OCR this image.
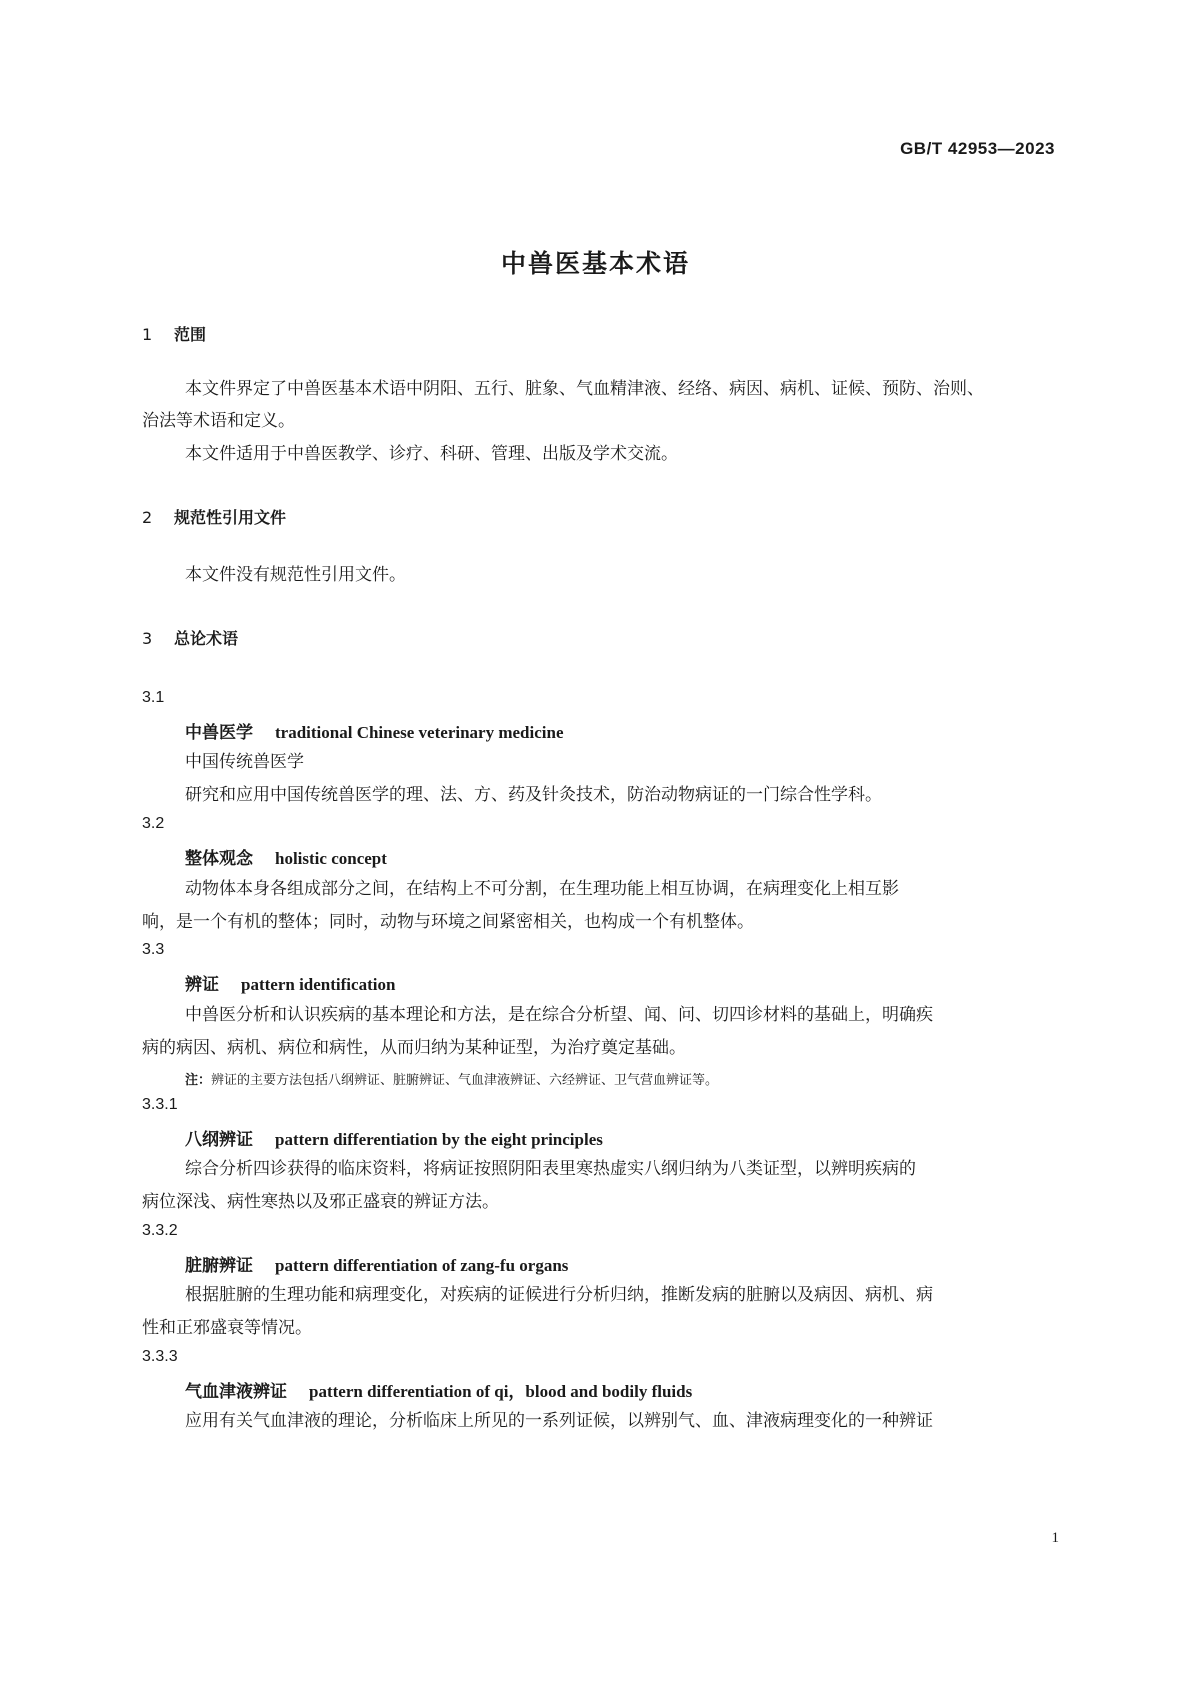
GB/T 42953—2023
中兽医基本术语
1 范围
本文件界定了中兽医基本术语中阴阳、五行、脏象、气血精津液、经络、病因、病机、证候、预防、治则、
治法等术语和定义。
本文件适用于中兽医教学、诊疗、科研、管理、出版及学术交流。
2 规范性引用文件
本文件没有规范性引用文件。
3 总论术语
3.1
中兽医学 traditional Chinese veterinary medicine
中国传统兽医学
研究和应用中国传统兽医学的理、法、方、药及针灸技术，防治动物病证的一门综合性学科。
3.2
整体观念 holistic concept
动物体本身各组成部分之间，在结构上不可分割，在生理功能上相互协调，在病理变化上相互影
响，是一个有机的整体；同时，动物与环境之间紧密相关，也构成一个有机整体。
3.3
辨证 pattern identification
中兽医分析和认识疾病的基本理论和方法，是在综合分析望、闻、问、切四诊材料的基础上，明确疾
病的病因、病机、病位和病性，从而归纳为某种证型，为治疗奠定基础。
注：辨证的主要方法包括八纲辨证、脏腑辨证、气血津液辨证、六经辨证、卫气营血辨证等。
3.3.1
八纲辨证 pattern differentiation by the eight principles
综合分析四诊获得的临床资料，将病证按照阴阳表里寒热虚实八纲归纳为八类证型，以辨明疾病的
病位深浅、病性寒热以及邪正盛衰的辨证方法。
3.3.2
脏腑辨证 pattern differentiation of zang-fu organs
根据脏腑的生理功能和病理变化，对疾病的证候进行分析归纳，推断发病的脏腑以及病因、病机、病
性和正邪盛衰等情况。
3.3.3
气血津液辨证 pattern differentiation of qi，blood and bodily fluids
应用有关气血津液的理论，分析临床上所见的一系列证候，以辨别气、血、津液病理变化的一种辨证
1
